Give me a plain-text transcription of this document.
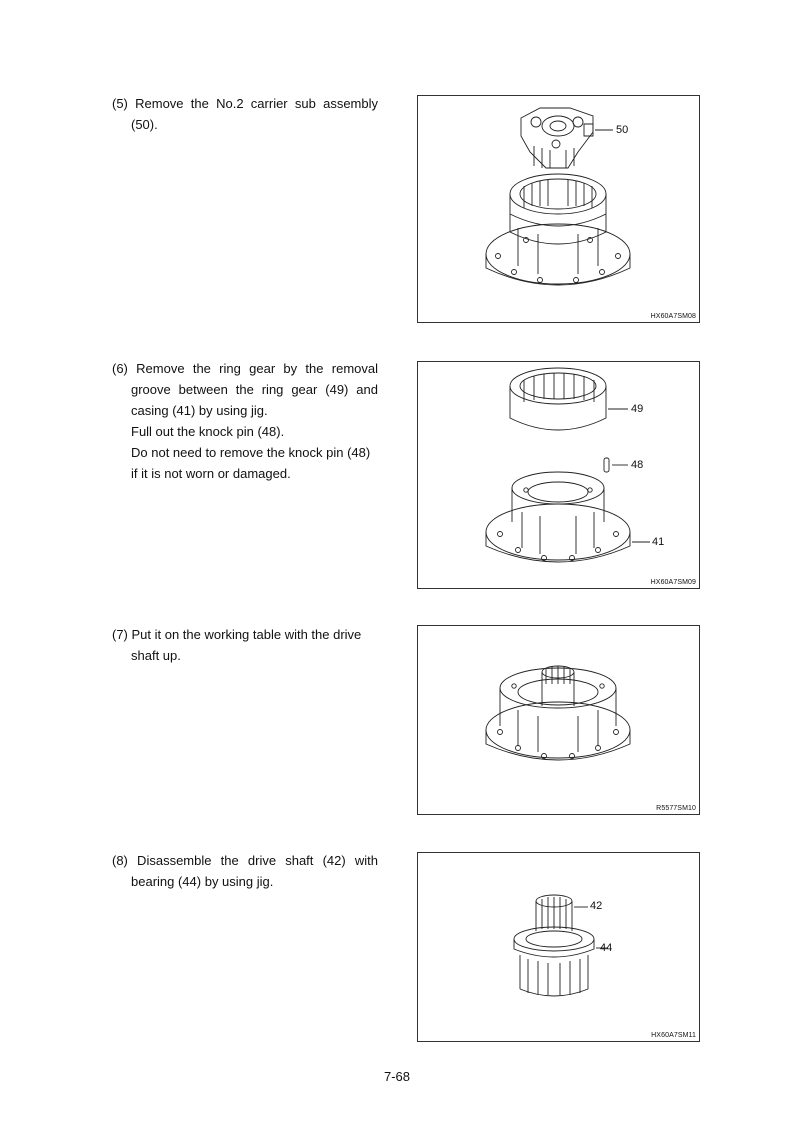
(5) Remove the No.2 carrier sub assembly
(50).
(6) Remove the ring gear by the removal
groove between the ring gear (49) and
casing (41) by using jig.
Full out the knock pin (48).
Do not need to remove the knock pin (48)
if it is not worn or damaged.
(7) Put it on the working table with the drive
shaft up.
(8) Disassemble the drive shaft (42) with
bearing (44) by using jig.
50
HX60A7SM08
49
48
41
HX60A7SM09
R5577SM10
42
44
HX60A7SM11
7-68
